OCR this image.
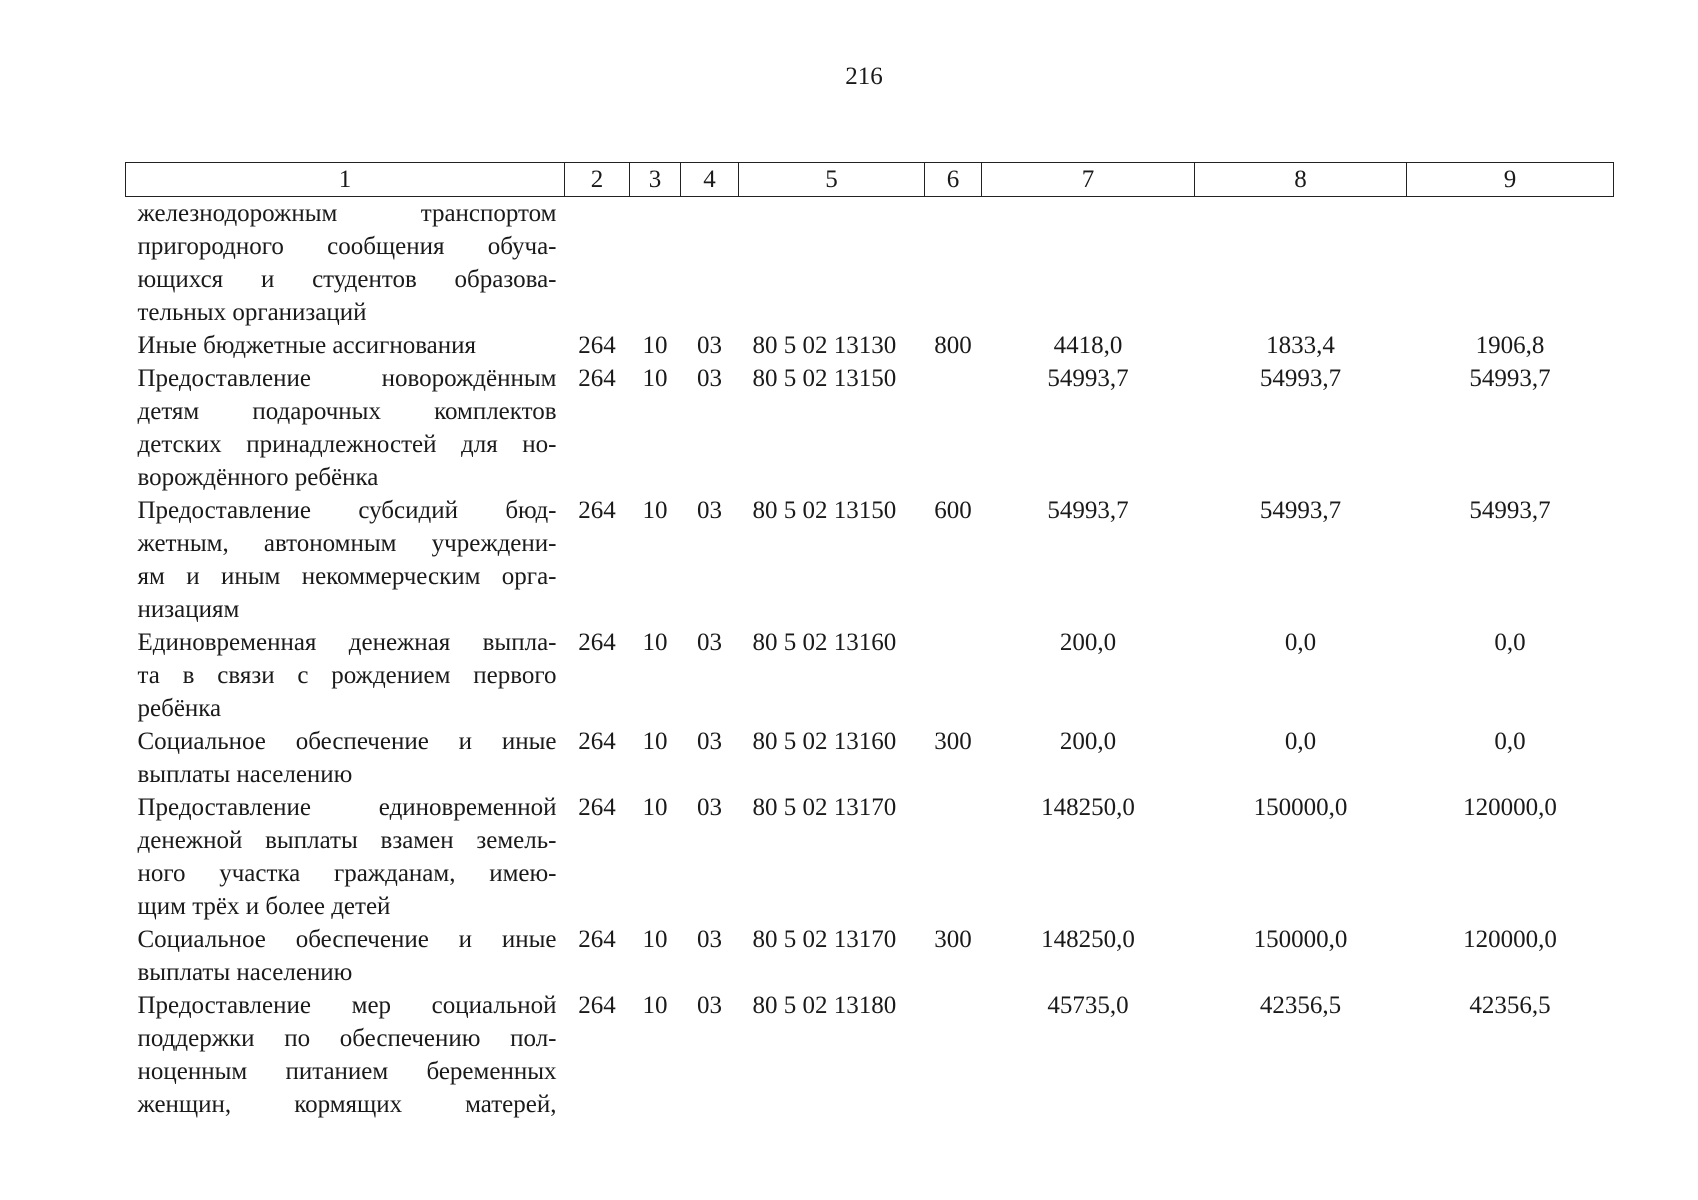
216
1	2	3	4	5	6	7	8	9

железнодорожным транспортом
пригородного сообщения обуча-
ющихся и студентов образова-
тельных организаций								

Иные бюджетные ассигнования	264	10	03	80 5 02 13130	800	4418,0	1833,4	1906,8

Предоставление новорождённым
детям подарочных комплектов
детских принадлежностей для но-
ворождённого ребёнка	264	10	03	80 5 02 13150		54993,7	54993,7	54993,7

Предоставление субсидий бюд-
жетным, автономным учреждени-
ям и иным некоммерческим орга-
низациям	264	10	03	80 5 02 13150	600	54993,7	54993,7	54993,7

Единовременная денежная выпла-
та в связи с рождением первого
ребёнка	264	10	03	80 5 02 13160		200,0	0,0	0,0

Социальное обеспечение и иные
выплаты населению	264	10	03	80 5 02 13160	300	200,0	0,0	0,0

Предоставление единовременной
денежной выплаты взамен земель-
ного участка гражданам, имею-
щим трёх и более детей	264	10	03	80 5 02 13170		148250,0	150000,0	120000,0

Социальное обеспечение и иные
выплаты населению	264	10	03	80 5 02 13170	300	148250,0	150000,0	120000,0

Предоставление мер социальной
поддержки по обеспечению пол-
ноценным питанием беременных
женщин, кормящих матерей,	264	10	03	80 5 02 13180		45735,0	42356,5	42356,5
